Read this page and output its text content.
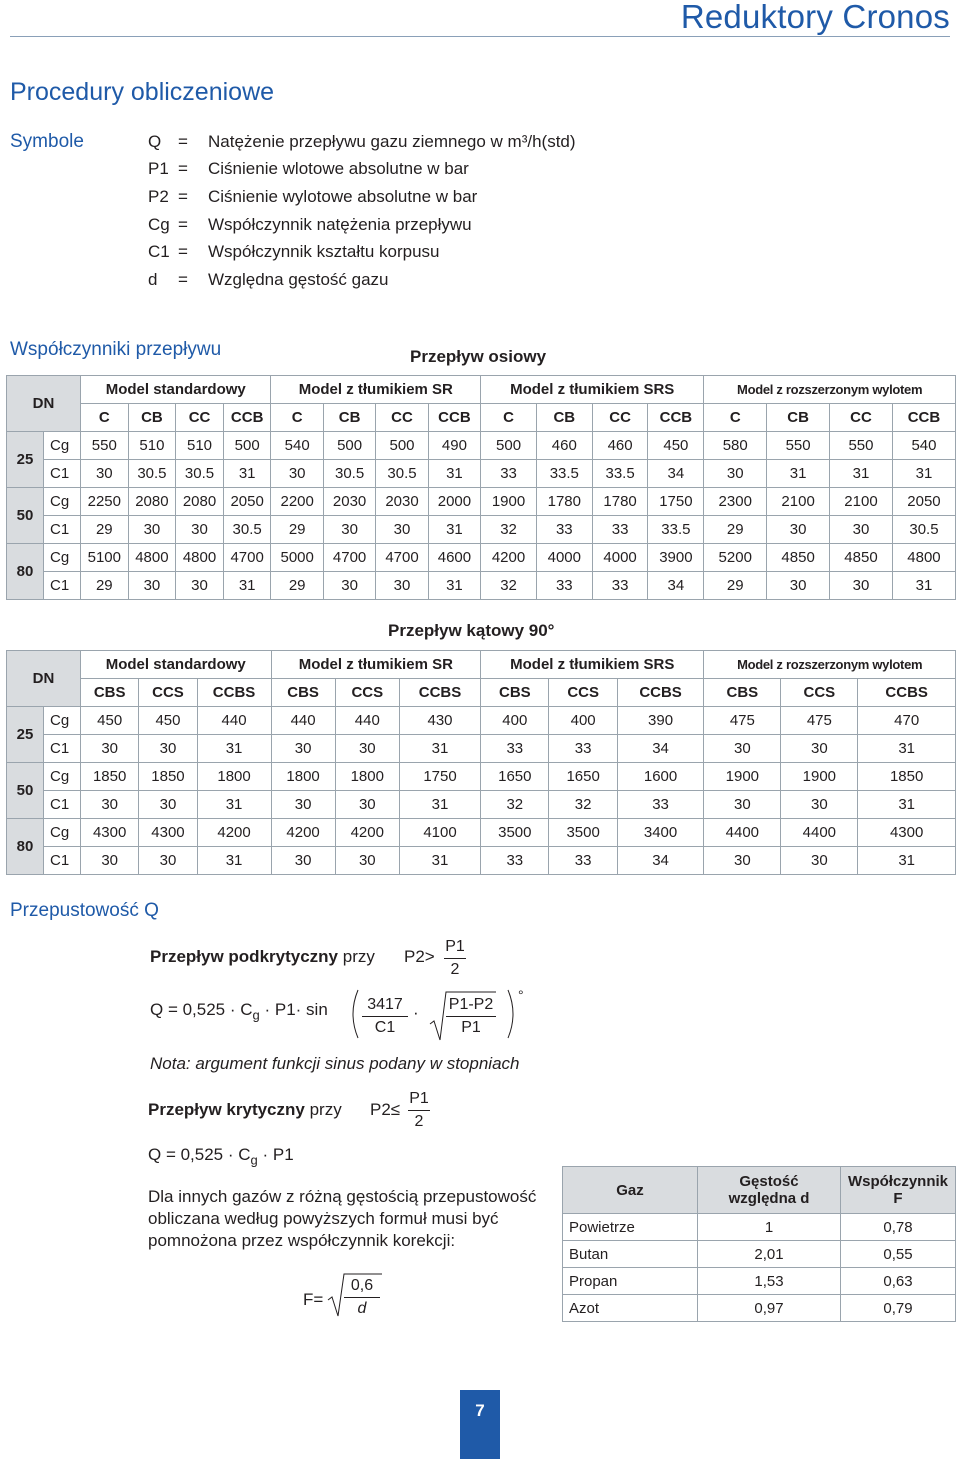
Reduktory Cronos
Procedury obliczeniowe
Symbole	Q = Natężenie przepływu gazu ziemnego w m³/h(std)
P1 = Ciśnienie wlotowe absolutne w bar
P2 = Ciśnienie wylotowe absolutne w bar
Cg = Współczynnik natężenia przepływu
C1 = Współczynnik kształtu korpusu
d = Względna gęstość gazu
Współczynniki przepływu	Przepływ osiowy
DN		Model standardowy				Model z tłumikiem SR				Model z tłumikiem SRS				Model z rozszerzonym wylotem			
		C	CB	CC	CCB	C	CB	CC	CCB	C	CB	CC	CCB	C	CB	CC	CCB
25	Cg	550	510	510	500	540	500	500	490	500	460	460	450	580	550	550	540
	C1	30	30.5	30.5	31	30	30.5	30.5	31	33	33.5	33.5	34	30	31	31	31
50	Cg	2250	2080	2080	2050	2200	2030	2030	2000	1900	1780	1780	1750	2300	2100	2100	2050
	C1	29	30	30	30.5	29	30	30	31	32	33	33	33.5	29	30	30	30.5
80	Cg	5100	4800	4800	4700	5000	4700	4700	4600	4200	4000	4000	3900	5200	4850	4850	4800
	C1	29	30	30	31	29	30	30	31	32	33	33	34	29	30	30	31
Przepływ kątowy 90°
DN		Model standardowy			Model z tłumikiem SR			Model z tłumikiem SRS			Model z rozszerzonym wylotem		
		CBS	CCS	CCBS	CBS	CCS	CCBS	CBS	CCS	CCBS	CBS	CCS	CCBS
25	Cg	450	450	440	440	440	430	400	400	390	475	475	470
	C1	30	30	31	30	30	31	33	33	34	30	30	31
50	Cg	1850	1850	1800	1800	1800	1750	1650	1650	1600	1900	1900	1850
	C1	30	30	31	30	30	31	32	32	33	30	30	31
80	Cg	4300	4300	4200	4200	4200	4100	3500	3500	3400	4400	4400	4300
	C1	30	30	31	30	30	31	33	33	34	30	30	31
Przepustowość Q
Przepływ podkrytyczny przy P2>
P1
2
$Q = 0,525 \cdot C_g \cdot P1\cdot \sin$	3417
C1
· P1-P2
P1
°
Nota: argument funkcji sinus podany w stopniach
Przepływ krytyczny przy P2≤
P1
2
$Q = 0,525 \cdot C_g \cdot P1$
Dla innych gazów z różną gęstością przepustowość obliczana według powyższych formuł musi być pomnożona przez współczynnik korekcji:
F=
0,6
d
Gaz	Gęstość względna d	Współczynnik F
Powietrze	1	0,78
Butan	2,01	0,55
Propan	1,53	0,63
Azot	0,97	0,79
7
